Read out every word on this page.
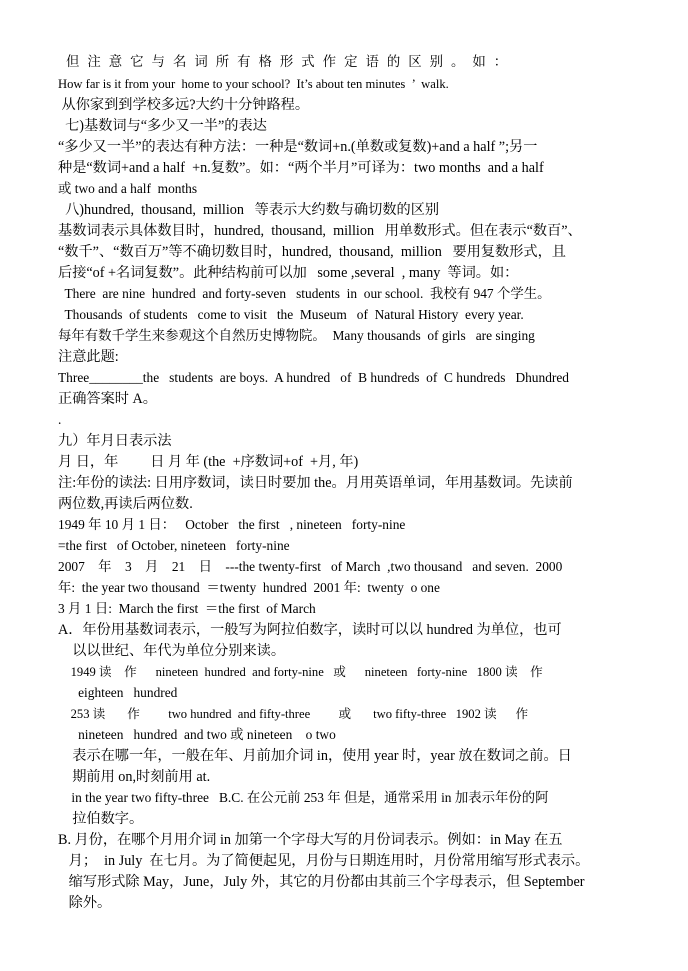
但注意它与名词所有格形式作定语的区别。如：
How far is it from your  home to your school?  It’s about ten minutes  ’  walk.
从你家到到学校多远?大约十分钟路程。
七)基数词与“多少又一半”的表达
“多少又一半”的表达有种方法：一种是“数词+n.(单数或复数)+and a half ”;另一
种是“数词+and a half  +n.复数”。如：“两个半月”可译为：two months  and a half
或 two and a half  months
八)hundred,  thousand,  million   等表示大约数与确切数的区别
基数词表示具体数目时，hundred,  thousand,  million   用单数形式。但在表示“数百”、
“数千”、“数百万”等不确切数目时，hundred,  thousand,  million   要用复数形式，且
后接“of +名词复数”。此种结构前可以加   some ,several  , many  等词。如：
There  are nine  hundred  and forty-seven   students  in  our school.  我校有 947 个学生。
Thousands  of students   come to visit   the  Museum   of  Natural History  every year.
每年有数千学生来参观这个自然历史博物院。  Many thousands  of girls   are singing
注意此题:
Three________the   students  are boys.  A hundred   of  B hundreds  of  C hundreds   Dhundred
正确答案时 A。
.
九）年月日表示法
月 日，年         日 月 年 (the  +序数词+of  +月, 年)
注:年份的读法: 日用序数词，读日时要加 the。月用英语单词，年用基数词。先读前
两位数,再读后两位数.
1949 年 10 月 1 日：   October   the first   , nineteen   forty-nine
=the first   of October, nineteen   forty-nine
2007    年    3    月    21    日    ---the twenty-first   of March  ,two thousand   and seven.  2000
年:  the year two thousand  ＝twenty  hundred  2001 年:  twenty  o one
3 月 1 日:  March the first  ＝the first  of March
A．年份用基数词表示，一般写为阿拉伯数字，读时可以以 hundred 为单位，也可
以以世纪、年代为单位分别来读。
1949 读    作      nineteen  hundred  and forty-nine   或      nineteen   forty-nine   1800 读    作
eighteen   hundred
253 读       作         two hundred  and fifty-three         或       two fifty-three   1902 读      作
nineteen   hundred  and two 或 nineteen    o two
表示在哪一年，一般在年、月前加介词 in，使用 year 时，year 放在数词之前。日
期前用 on,时刻前用 at.
in the year two fifty-three   B.C. 在公元前 253 年 但是，通常采用 in 加表示年份的阿
拉伯数字。
B. 月份，在哪个月用介词 in 加第一个字母大写的月份词表示。例如：in May 在五
月；  in July  在七月。为了简便起见，月份与日期连用时，月份常用缩写形式表示。
缩写形式除 May，June，July 外，其它的月份都由其前三个字母表示，但 September
除外。
